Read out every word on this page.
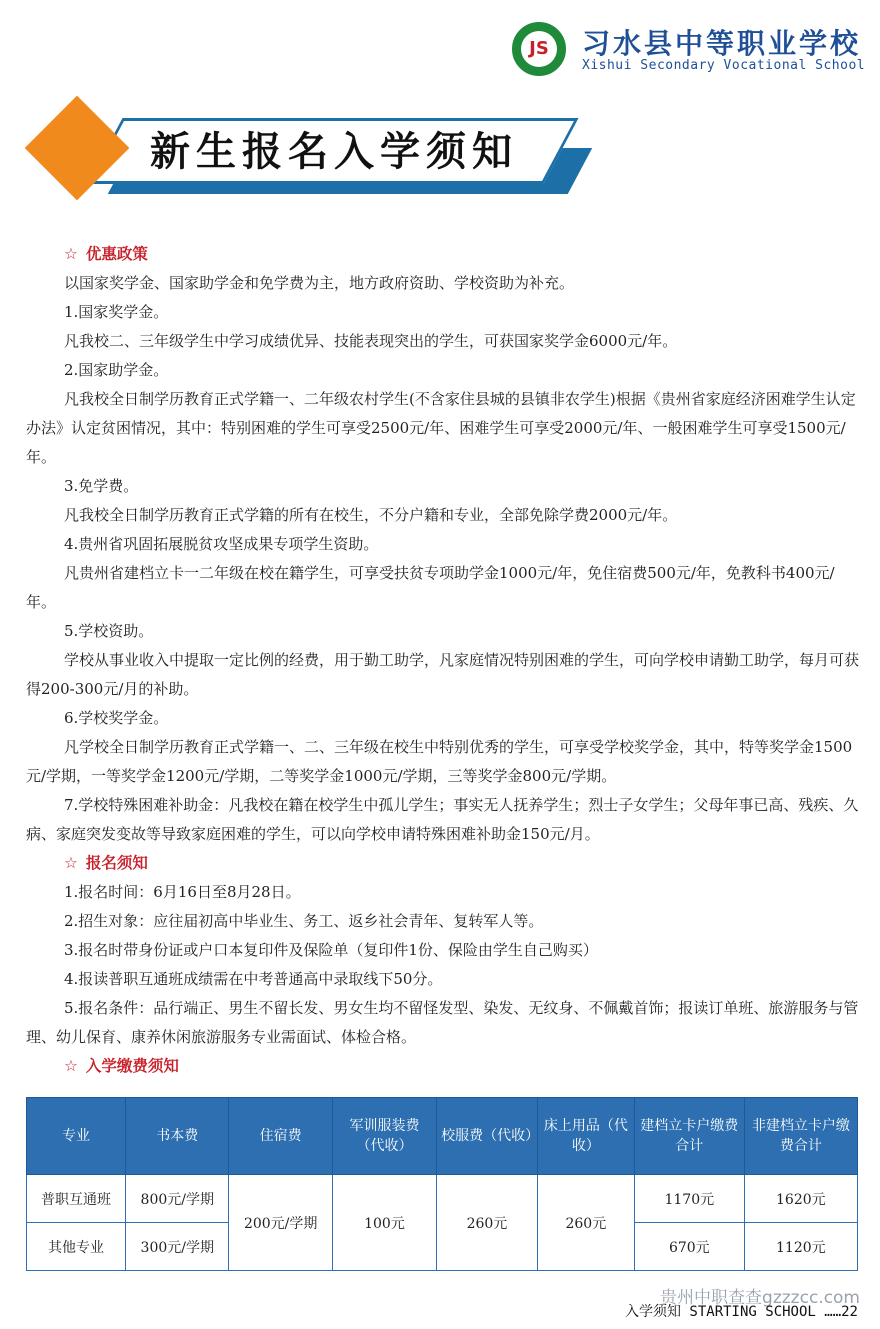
JS 习水县中等职业学校
Xishui Secondary Vocational School
新生报名入学须知
☆ 优惠政策
以国家奖学金、国家助学金和免学费为主，地方政府资助、学校资助为补充。
1.国家奖学金。
凡我校二、三年级学生中学习成绩优异、技能表现突出的学生，可获国家奖学金6000元/年。
2.国家助学金。
凡我校全日制学历教育正式学籍一、二年级农村学生(不含家住县城的县镇非农学生)根据《贵州省家庭经济困难学生认定办法》认定贫困情况，其中：特别困难的学生可享受2500元/年、困难学生可享受2000元/年、一般困难学生可享受1500元/年。
3.免学费。
凡我校全日制学历教育正式学籍的所有在校生，不分户籍和专业，全部免除学费2000元/年。
4.贵州省巩固拓展脱贫攻坚成果专项学生资助。
凡贵州省建档立卡一二年级在校在籍学生，可享受扶贫专项助学金1000元/年，免住宿费500元/年，免教科书400元/年。
5.学校资助。
学校从事业收入中提取一定比例的经费，用于勤工助学，凡家庭情况特别困难的学生，可向学校申请勤工助学，每月可获得200-300元/月的补助。
6.学校奖学金。
凡学校全日制学历教育正式学籍一、二、三年级在校生中特别优秀的学生，可享受学校奖学金，其中，特等奖学金1500元/学期，一等奖学金1200元/学期，二等奖学金1000元/学期，三等奖学金800元/学期。
7.学校特殊困难补助金：凡我校在籍在校学生中孤儿学生；事实无人抚养学生；烈士子女学生；父母年事已高、残疾、久病、家庭突发变故等导致家庭困难的学生，可以向学校申请特殊困难补助金150元/月。
☆ 报名须知
1.报名时间：6月16日至8月28日。
2.招生对象：应往届初高中毕业生、务工、返乡社会青年、复转军人等。
3.报名时带身份证或户口本复印件及保险单（复印件1份、保险由学生自己购买）
4.报读普职互通班成绩需在中考普通高中录取线下50分。
5.报名条件：品行端正、男生不留长发、男女生均不留怪发型、染发、无纹身、不佩戴首饰；报读订单班、旅游服务与管理、幼儿保育、康养休闲旅游服务专业需面试、体检合格。
☆ 入学缴费须知
专业	书本费	住宿费	军训服装费（代收）	校服费（代收）	床上用品（代收）	建档立卡户缴费合计	非建档立卡户缴费合计
普职互通班	800元/学期	200元/学期	100元	260元	260元	1170元	1620元
其他专业	300元/学期					670元	1120元
贵州中职查查gzzzcc.com
入学须知 STARTING SCHOOL ……22
